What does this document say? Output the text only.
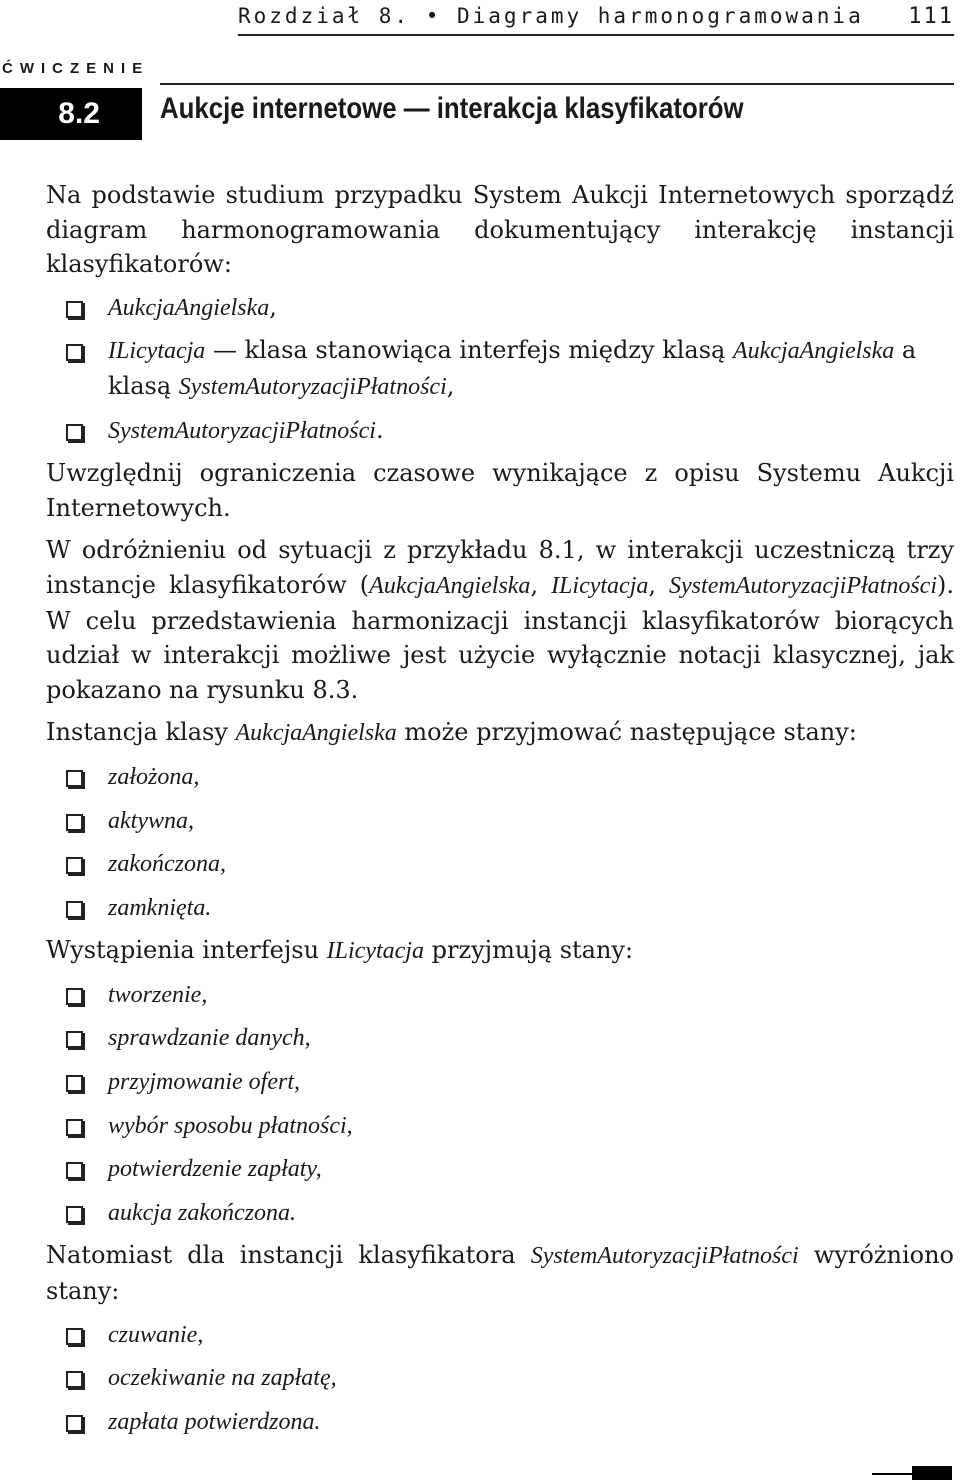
Rozdział 8. • Diagramy harmonogramowania 111
ĆWICZENIE
8.2	Aukcje internetowe — interakcja klasyfikatorów

Na podstawie studium przypadku System Aukcji Internetowych sporządź diagram harmonogramowania dokumentujący interakcję instancji klasyfikatorów:

AukcjaAngielska,
ILicytacja — klasa stanowiąca interfejs między klasą AukcjaAngielska a klasą SystemAutoryzacjiPłatności,
SystemAutoryzacjiPłatności.

Uwzględnij ograniczenia czasowe wynikające z opisu Systemu Aukcji Internetowych.

W odróżnieniu od sytuacji z przykładu 8.1, w interakcji uczestniczą trzy instancje klasyfikatorów (AukcjaAngielska, ILicytacja, SystemAutoryzacjiPłatności). W celu przedstawienia harmonizacji instancji klasyfikatorów biorących udział w interakcji możliwe jest użycie wyłącznie notacji klasycznej, jak pokazano na rysunku 8.3.

Instancja klasy AukcjaAngielska może przyjmować następujące stany:

założona,
aktywna,
zakończona,
zamknięta.

Wystąpienia interfejsu ILicytacja przyjmują stany:

tworzenie,
sprawdzanie danych,
przyjmowanie ofert,
wybór sposobu płatności,
potwierdzenie zapłaty,
aukcja zakończona.

Natomiast dla instancji klasyfikatora SystemAutoryzacjiPłatności wyróżniono stany:

czuwanie,
oczekiwanie na zapłatę,
zapłata potwierdzona.
